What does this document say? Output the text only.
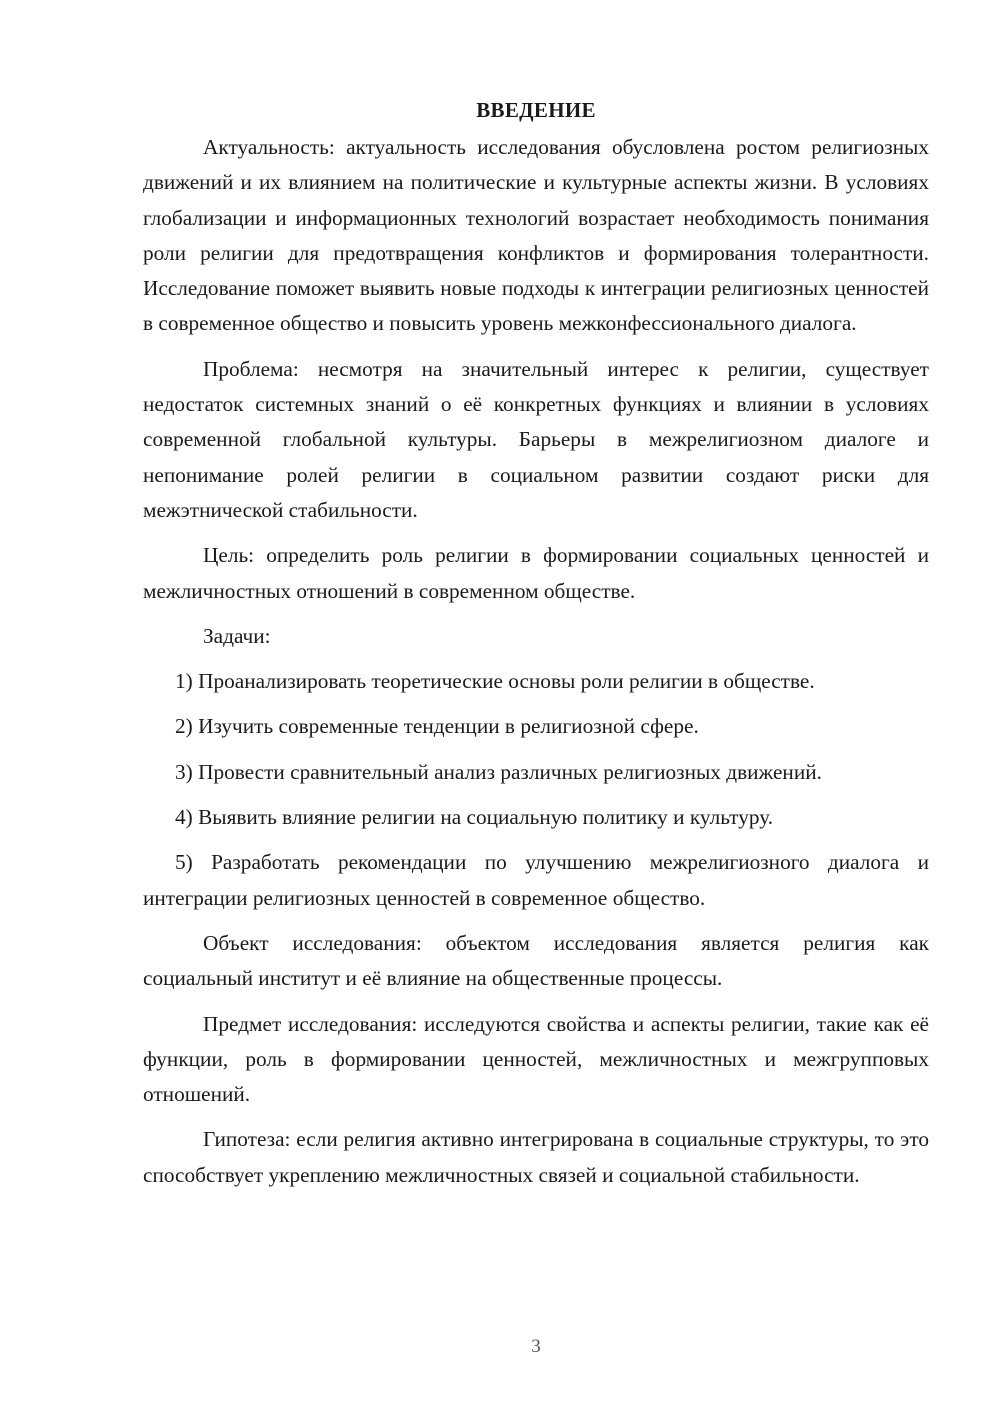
ВВЕДЕНИЕ

Актуальность: актуальность исследования обусловлена ростом религиозных движений и их влиянием на политические и культурные аспекты жизни. В условиях глобализации и информационных технологий возрастает необходимость понимания роли религии для предотвращения конфликтов и формирования толерантности. Исследование поможет выявить новые подходы к интеграции религиозных ценностей в современное общество и повысить уровень межконфессионального диалога.

Проблема: несмотря на значительный интерес к религии, существует недостаток системных знаний о её конкретных функциях и влиянии в условиях современной глобальной культуры. Барьеры в межрелигиозном диалоге и непонимание ролей религии в социальном развитии создают риски для межэтнической стабильности.

Цель: определить роль религии в формировании социальных ценностей и межличностных отношений в современном обществе.

Задачи:

1) Проанализировать теоретические основы роли религии в обществе.

2) Изучить современные тенденции в религиозной сфере.

3) Провести сравнительный анализ различных религиозных движений.

4) Выявить влияние религии на социальную политику и культуру.

5) Разработать рекомендации по улучшению межрелигиозного диалога и интеграции религиозных ценностей в современное общество.

Объект исследования: объектом исследования является религия как социальный институт и её влияние на общественные процессы.

Предмет исследования: исследуются свойства и аспекты религии, такие как её функции, роль в формировании ценностей, межличностных и межгрупповых отношений.

Гипотеза: если религия активно интегрирована в социальные структуры, то это способствует укреплению межличностных связей и социальной стабильности.

3
